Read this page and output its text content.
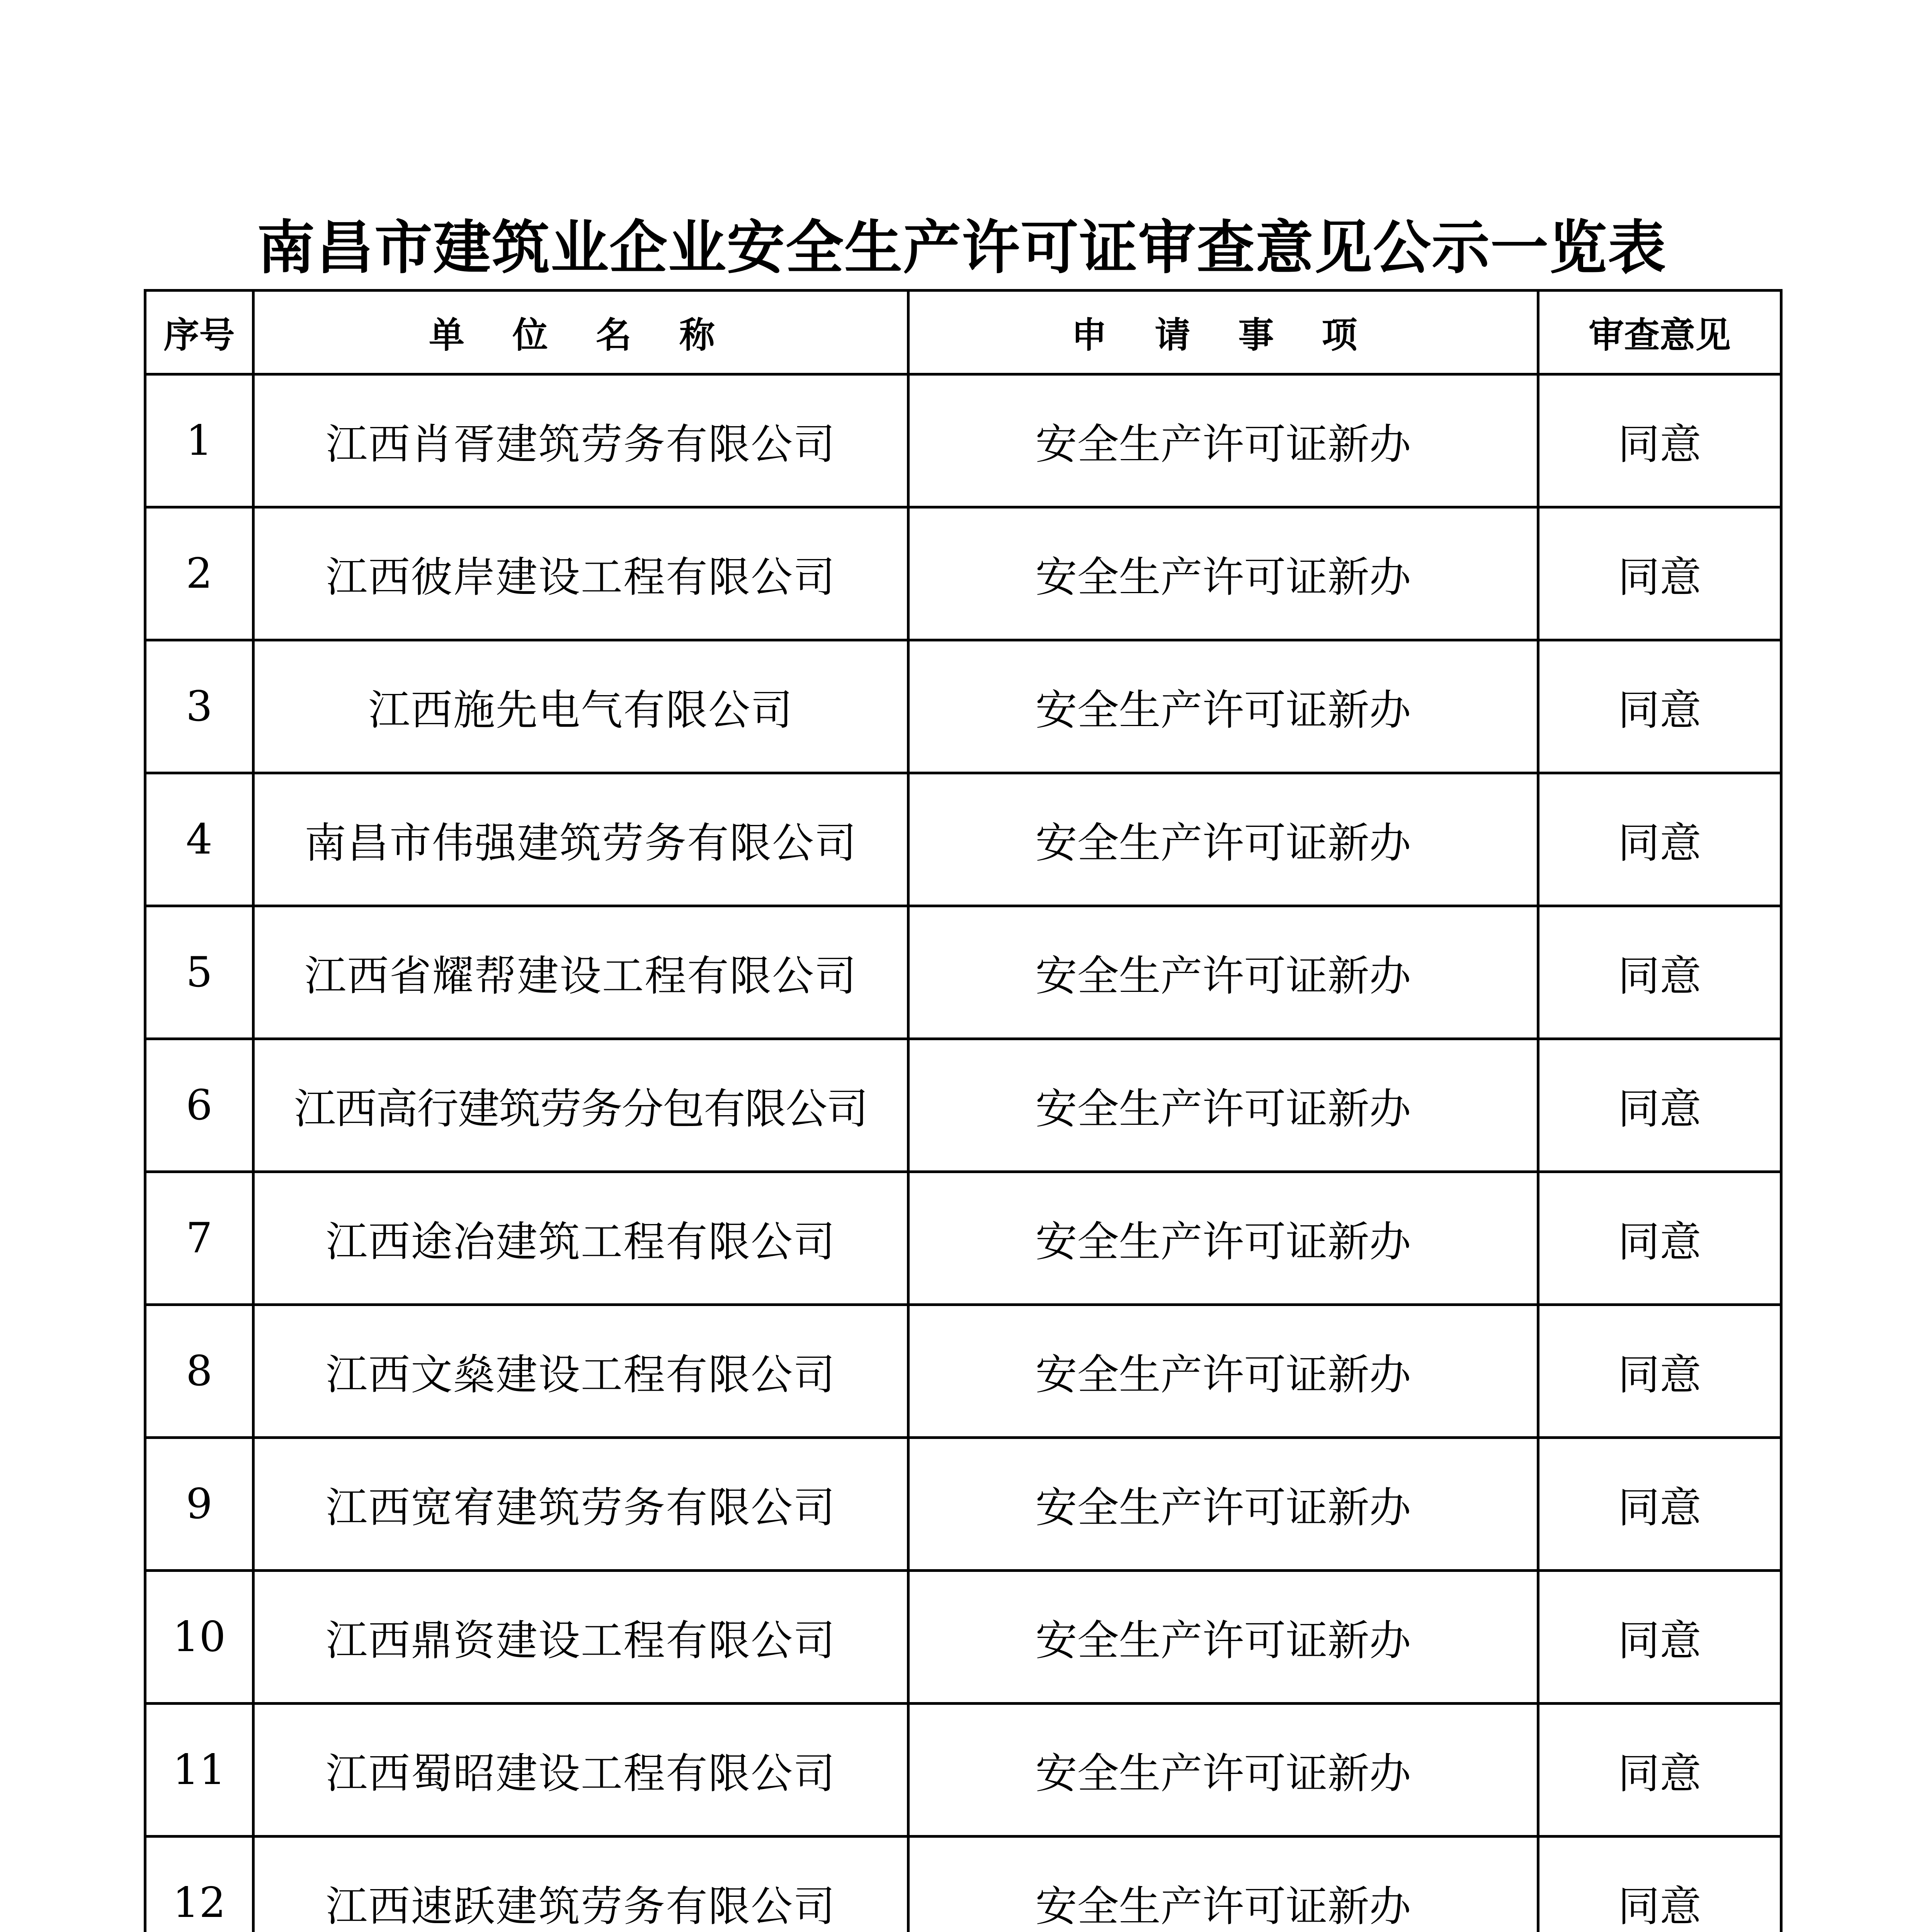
南昌市建筑业企业安全生产许可证审查意见公示一览表
序号	单 位 名 称	申 请 事 项	审查意见
1	江西肖胥建筑劳务有限公司	安全生产许可证新办	同意
2	江西彼岸建设工程有限公司	安全生产许可证新办	同意
3	江西施先电气有限公司	安全生产许可证新办	同意
4	南昌市伟强建筑劳务有限公司	安全生产许可证新办	同意
5	江西省耀帮建设工程有限公司	安全生产许可证新办	同意
6	江西高行建筑劳务分包有限公司	安全生产许可证新办	同意
7	江西途冶建筑工程有限公司	安全生产许可证新办	同意
8	江西文燊建设工程有限公司	安全生产许可证新办	同意
9	江西宽宥建筑劳务有限公司	安全生产许可证新办	同意
10	江西鼎资建设工程有限公司	安全生产许可证新办	同意
11	江西蜀昭建设工程有限公司	安全生产许可证新办	同意
12	江西速跃建筑劳务有限公司	安全生产许可证新办	同意
